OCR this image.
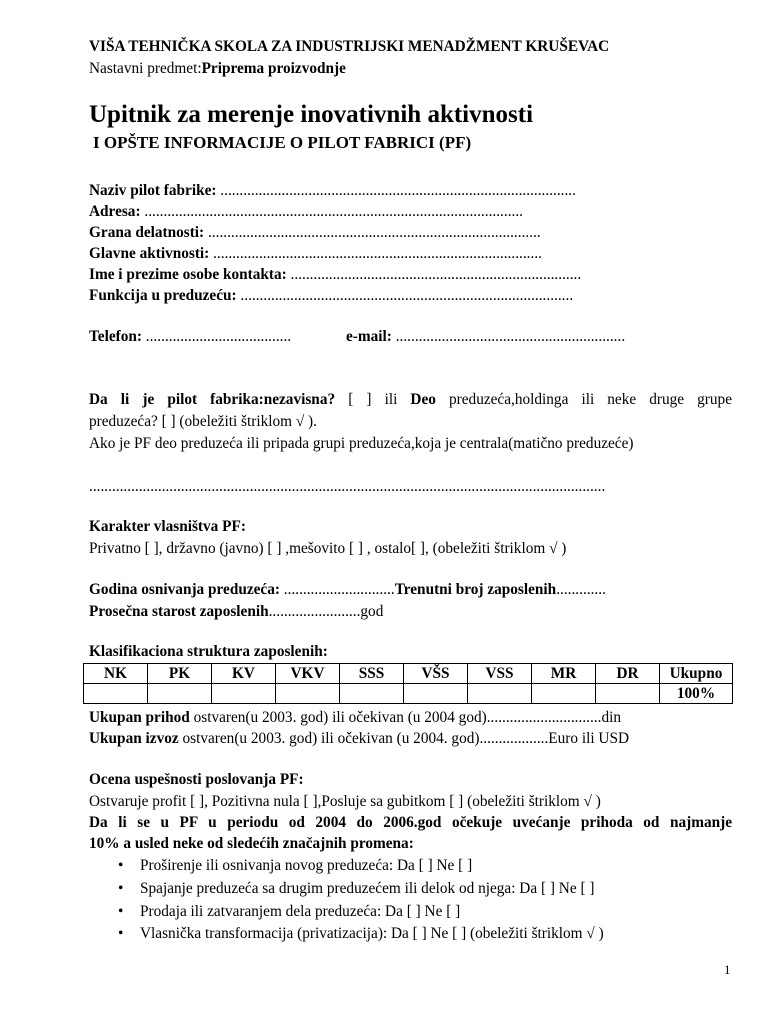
VIŠA TEHNIČKA SKOLA ZA INDUSTRIJSKI MENADŽMENT KRUŠEVAC
Nastavni predmet:Priprema proizvodnje
Upitnik za merenje inovativnih aktivnosti
I OPŠTE INFORMACIJE O PILOT FABRICI (PF)
Naziv pilot fabrike: .............................................................................................
Adresa: ...................................................................................................
Grana delatnosti: .......................................................................................
Glavne aktivnosti: ......................................................................................
Ime i prezime osobe kontakta: ............................................................................
Funkcija u preduzeću: .......................................................................................
Telefon: ......................................	e-mail: ............................................................
Da li je pilot fabrika:nezavisna? [ ] ili Deo preduzeća,holdinga ili neke druge grupe
preduzeća? [ ] (obeležiti štriklom √ ).
Ako je PF deo preduzeća ili pripada grupi preduzeća,koja je centrala(matično preduzeće)
.......................................................................................................................................
Karakter vlasništva PF:
Privatno [ ], državno (javno) [ ] ,mešovito [ ] , ostalo[ ], (obeležiti štriklom √ )
Godina osnivanja preduzeća: .............................Trenutni broj zaposlenih.............
Prosečna starost zaposlenih........................god
Klasifikaciona struktura zaposlenih:
NK	PK	KV	VKV	SSS	VŠS	VSS	MR	DR	Ukupno
									100%
Ukupan prihod ostvaren(u 2003. god) ili očekivan (u 2004 god)..............................din
Ukupan izvoz ostvaren(u 2003. god) ili očekivan (u 2004. god)..................Euro ili USD
Ocena uspešnosti poslovanja PF:
Ostvaruje profit [ ], Pozitivna nula [ ],Posluje sa gubitkom [ ] (obeležiti štriklom √ )
Da li se u PF u periodu od 2004 do 2006.god očekuje uvećanje prihoda od najmanje
10% a usled neke od sledećih značajnih promena:
• Proširenje ili osnivanja novog preduzeća: Da [ ] Ne [ ]
• Spajanje preduzeća sa drugim preduzećem ili delok od njega: Da [ ] Ne [ ]
• Prodaja ili zatvaranjem dela preduzeća: Da [ ] Ne [ ]
• Vlasnička transformacija (privatizacija): Da [ ] Ne [ ] (obeležiti štriklom √ )
1
